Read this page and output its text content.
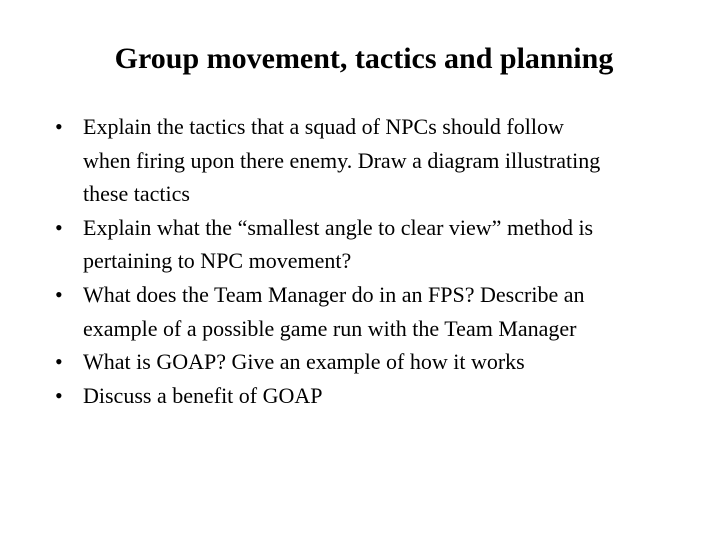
Group movement, tactics and planning
• Explain the tactics that a squad of NPCs should follow
when firing upon there enemy. Draw a diagram illustrating
these tactics
• Explain what the “smallest angle to clear view” method is
pertaining to NPC movement?
• What does the Team Manager do in an FPS? Describe an
example of a possible game run with the Team Manager
• What is GOAP? Give an example of how it works
• Discuss a benefit of GOAP
